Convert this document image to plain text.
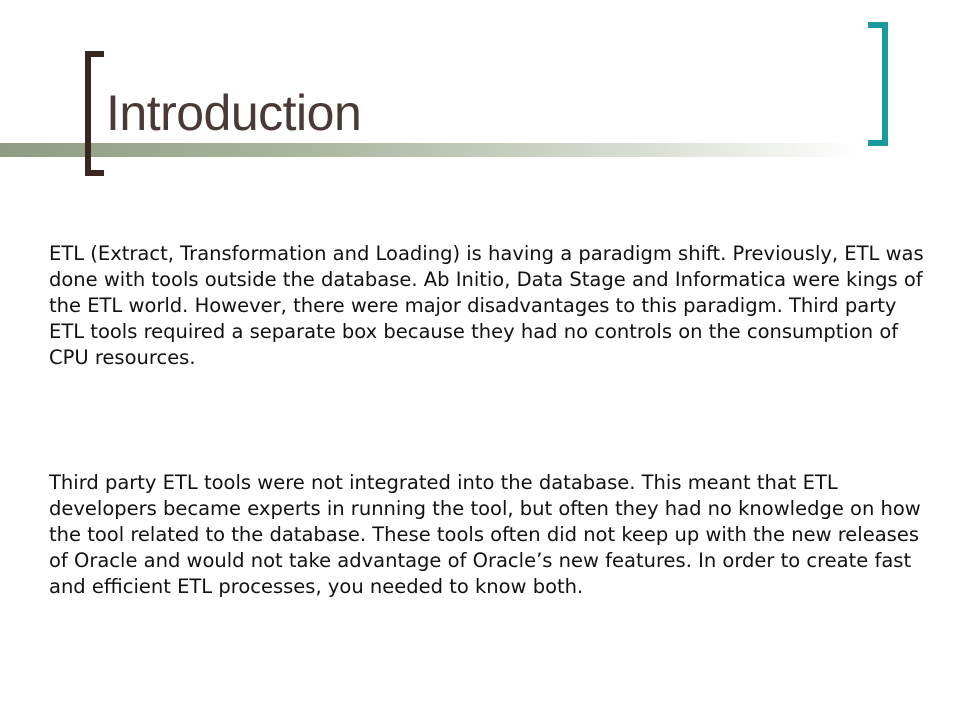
Introduction

ETL (Extract, Transformation and Loading) is having a paradigm shift. Previously, ETL was done with tools outside the database. Ab Initio, Data Stage and Informatica were kings of the ETL world. However, there were major disadvantages to this paradigm. Third party ETL tools required a separate box because they had no controls on the consumption of CPU resources.

Third party ETL tools were not integrated into the database. This meant that ETL developers became experts in running the tool, but often they had no knowledge on how the tool related to the database. These tools often did not keep up with the new releases of Oracle and would not take advantage of Oracle’s new features. In order to create fast and efficient ETL processes, you needed to know both.
